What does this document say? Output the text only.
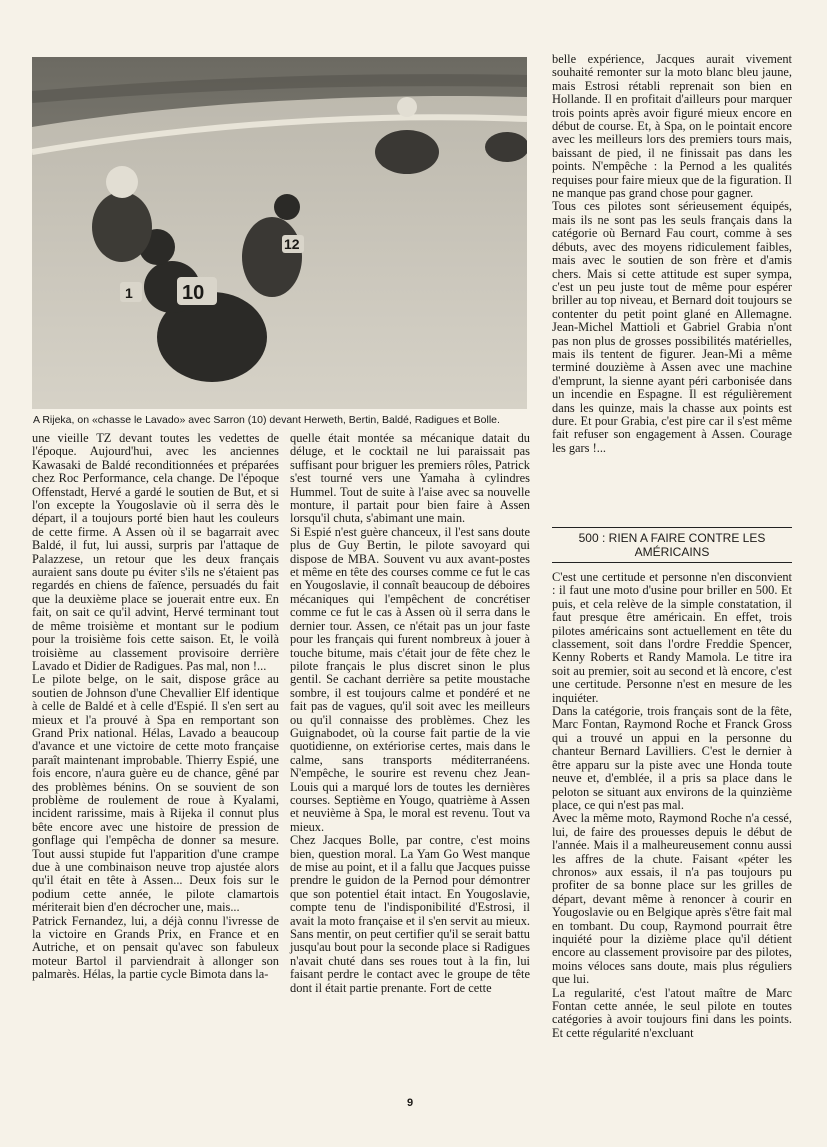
10
12
1
A Rijeka, on «chasse le Lavado» avec Sarron (10) devant Herweth, Bertin, Baldé, Radigues et Bolle.

une vieille TZ devant toutes les vedettes de l'époque. Aujourd'hui, avec les anciennes Kawasaki de Baldé reconditionnées et préparées chez Roc Performance, cela change. De l'époque Offenstadt, Hervé a gardé le soutien de But, et si l'on excepte la Yougoslavie où il serra dès le départ, il a toujours porté bien haut les couleurs de cette firme. A Assen où il se bagarrait avec Baldé, il fut, lui aussi, surpris par l'attaque de Palazzese, un retour que les deux français auraient sans doute pu éviter s'ils ne s'étaient pas regardés en chiens de faïence, persuadés du fait que la deuxième place se jouerait entre eux. En fait, on sait ce qu'il advint, Hervé terminant tout de même troisième et montant sur le podium pour la troisième fois cette saison. Et, le voilà troisième au classement provisoire derrière Lavado et Didier de Radigues. Pas mal, non !...

Le pilote belge, on le sait, dispose grâce au soutien de Johnson d'une Chevallier Elf identique à celle de Baldé et à celle d'Espié. Il s'en sert au mieux et l'a prouvé à Spa en remportant son Grand Prix national. Hélas, Lavado a beaucoup d'avance et une victoire de cette moto française paraît maintenant improbable. Thierry Espié, une fois encore, n'aura guère eu de chance, gêné par des problèmes bénins. On se souvient de son problème de roulement de roue à Kyalami, incident rarissime, mais à Rijeka il connut plus bête encore avec une histoire de pression de gonflage qui l'empêcha de donner sa mesure. Tout aussi stupide fut l'apparition d'une crampe due à une combinaison neuve trop ajustée alors qu'il était en tête à Assen... Deux fois sur le podium cette année, le pilote clamartois mériterait bien d'en décrocher une, mais...

Patrick Fernandez, lui, a déjà connu l'ivresse de la victoire en Grands Prix, en France et en Autriche, et on pensait qu'avec son fabuleux moteur Bartol il parviendrait à allonger son palmarès. Hélas, la partie cycle Bimota dans la-

quelle était montée sa mécanique datait du déluge, et le cocktail ne lui paraissait pas suffisant pour briguer les premiers rôles, Patrick s'est tourné vers une Yamaha à cylindres Hummel. Tout de suite à l'aise avec sa nouvelle monture, il partait pour bien faire à Assen lorsqu'il chuta, s'abimant une main.

Si Espié n'est guère chanceux, il l'est sans doute plus de Guy Bertin, le pilote savoyard qui dispose de MBA. Souvent vu aux avant-postes et même en tête des courses comme ce fut le cas en Yougoslavie, il connaît beaucoup de déboires mécaniques qui l'empêchent de concrétiser comme ce fut le cas à Assen où il serra dans le dernier tour. Assen, ce n'était pas un jour faste pour les français qui furent nombreux à jouer à touche bitume, mais c'était jour de fête chez le pilote français le plus discret sinon le plus gentil. Se cachant derrière sa petite moustache sombre, il est toujours calme et pondéré et ne fait pas de vagues, qu'il soit avec les meilleurs ou qu'il connaisse des problèmes. Chez les Guignabodet, où la course fait partie de la vie quotidienne, on extériorise certes, mais dans le calme, sans transports méditerranéens. N'empêche, le sourire est revenu chez Jean-Louis qui a marqué lors de toutes les dernières courses. Septième en Yougo, quatrième à Assen et neuvième à Spa, le moral est revenu. Tout va mieux.

Chez Jacques Bolle, par contre, c'est moins bien, question moral. La Yam Go West manque de mise au point, et il a fallu que Jacques puisse prendre le guidon de la Pernod pour démontrer que son potentiel était intact. En Yougoslavie, compte tenu de l'indisponibilité d'Estrosi, il avait la moto française et il s'en servit au mieux. Sans mentir, on peut certifier qu'il se serait battu jusqu'au bout pour la seconde place si Radigues n'avait chuté dans ses roues tout à la fin, lui faisant perdre le contact avec le groupe de tête dont il était partie prenante. Fort de cette

belle expérience, Jacques aurait vivement souhaité remonter sur la moto blanc bleu jaune, mais Estrosi rétabli reprenait son bien en Hollande. Il en profitait d'ailleurs pour marquer trois points après avoir figuré mieux encore en début de course. Et, à Spa, on le pointait encore avec les meilleurs lors des premiers tours mais, baissant de pied, il ne finissait pas dans les points. N'empêche : la Pernod a les qualités requises pour faire mieux que de la figuration. Il ne manque pas grand chose pour gagner.

Tous ces pilotes sont sérieusement équipés, mais ils ne sont pas les seuls français dans la catégorie où Bernard Fau court, comme à ses débuts, avec des moyens ridiculement faibles, mais avec le soutien de son frère et d'amis chers. Mais si cette attitude est super sympa, c'est un peu juste tout de même pour espérer briller au top niveau, et Bernard doit toujours se contenter du petit point glané en Allemagne. Jean-Michel Mattioli et Gabriel Grabia n'ont pas non plus de grosses possibilités matérielles, mais ils tentent de figurer. Jean-Mi a même terminé douzième à Assen avec une machine d'emprunt, la sienne ayant péri carbonisée dans un incendie en Espagne. Il est régulièrement dans les quinze, mais la chasse aux points est dure. Et pour Grabia, c'est pire car il s'est même fait refuser son engagement à Assen. Courage les gars !...

500 : RIEN A FAIRE CONTRE LES AMÉRICAINS

C'est une certitude et personne n'en disconvient : il faut une moto d'usine pour briller en 500. Et puis, et cela relève de la simple constatation, il faut presque être américain. En effet, trois pilotes américains sont actuellement en tête du classement, soit dans l'ordre Freddie Spencer, Kenny Roberts et Randy Mamola. Le titre ira soit au premier, soit au second et là encore, c'est une certitude. Personne n'est en mesure de les inquiéter.

Dans la catégorie, trois français sont de la fête, Marc Fontan, Raymond Roche et Franck Gross qui a trouvé un appui en la personne du chanteur Bernard Lavilliers. C'est le dernier à être apparu sur la piste avec une Honda toute neuve et, d'emblée, il a pris sa place dans le peloton se situant aux environs de la quinzième place, ce qui n'est pas mal.

Avec la même moto, Raymond Roche n'a cessé, lui, de faire des prouesses depuis le début de l'année. Mais il a malheureusement connu aussi les affres de la chute. Faisant «péter les chronos» aux essais, il n'a pas toujours pu profiter de sa bonne place sur les grilles de départ, devant même à renoncer à courir en Yougoslavie ou en Belgique après s'être fait mal en tombant. Du coup, Raymond pourrait être inquiété pour la dizième place qu'il détient encore au classement provisoire par des pilotes, moins véloces sans doute, mais plus réguliers que lui.

La regularité, c'est l'atout maître de Marc Fontan cette année, le seul pilote en toutes catégories à avoir toujours fini dans les points. Et cette régularité n'excluant

9
